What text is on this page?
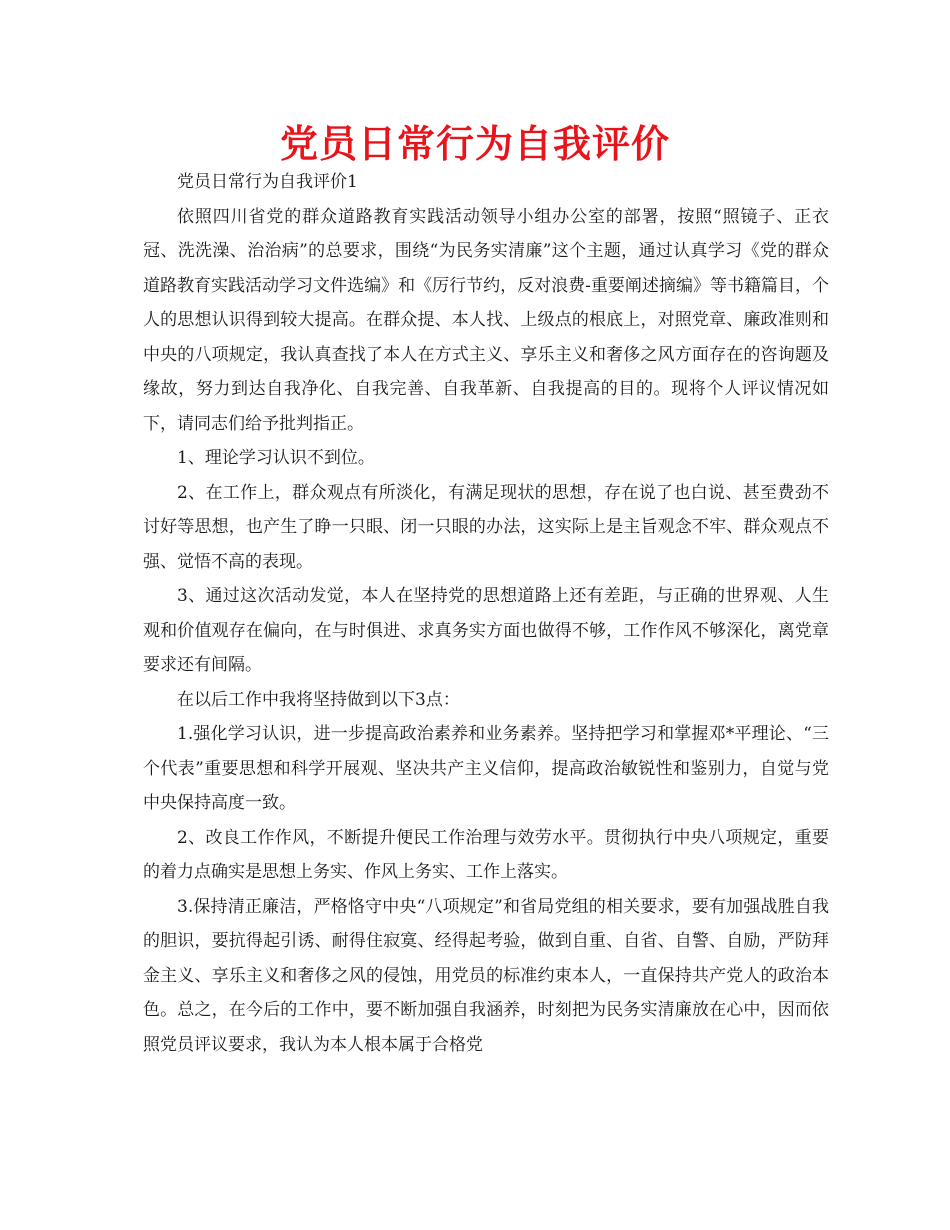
党员日常行为自我评价

党员日常行为自我评价1

依照四川省党的群众道路教育实践活动领导小组办公室的部署，按照“照镜子、正衣冠、洗洗澡、治治病”的总要求，围绕“为民务实清廉”这个主题，通过认真学习《党的群众道路教育实践活动学习文件选编》和《厉行节约，反对浪费-重要阐述摘编》等书籍篇目，个人的思想认识得到较大提高。在群众提、本人找、上级点的根底上，对照党章、廉政准则和中央的八项规定，我认真查找了本人在方式主义、享乐主义和奢侈之风方面存在的咨询题及缘故，努力到达自我净化、自我完善、自我革新、自我提高的目的。现将个人评议情况如下，请同志们给予批判指正。

1、理论学习认识不到位。

2、在工作上，群众观点有所淡化，有满足现状的思想，存在说了也白说、甚至费劲不讨好等思想，也产生了睁一只眼、闭一只眼的办法，这实际上是主旨观念不牢、群众观点不强、觉悟不高的表现。

3、通过这次活动发觉，本人在坚持党的思想道路上还有差距，与正确的世界观、人生观和价值观存在偏向，在与时俱进、求真务实方面也做得不够，工作作风不够深化，离党章要求还有间隔。

在以后工作中我将坚持做到以下3点：

1.强化学习认识，进一步提高政治素养和业务素养。坚持把学习和掌握邓*平理论、“三个代表”重要思想和科学开展观、坚决共产主义信仰，提高政治敏锐性和鉴别力，自觉与党中央保持高度一致。

2、改良工作作风，不断提升便民工作治理与效劳水平。贯彻执行中央八项规定，重要的着力点确实是思想上务实、作风上务实、工作上落实。

3.保持清正廉洁，严格恪守中央“八项规定”和省局党组的相关要求，要有加强战胜自我的胆识，要抗得起引诱、耐得住寂寞、经得起考验，做到自重、自省、自警、自励，严防拜金主义、享乐主义和奢侈之风的侵蚀，用党员的标准约束本人，一直保持共产党人的政治本色。总之，在今后的工作中，要不断加强自我涵养，时刻把为民务实清廉放在心中，因而依照党员评议要求，我认为本人根本属于合格党
